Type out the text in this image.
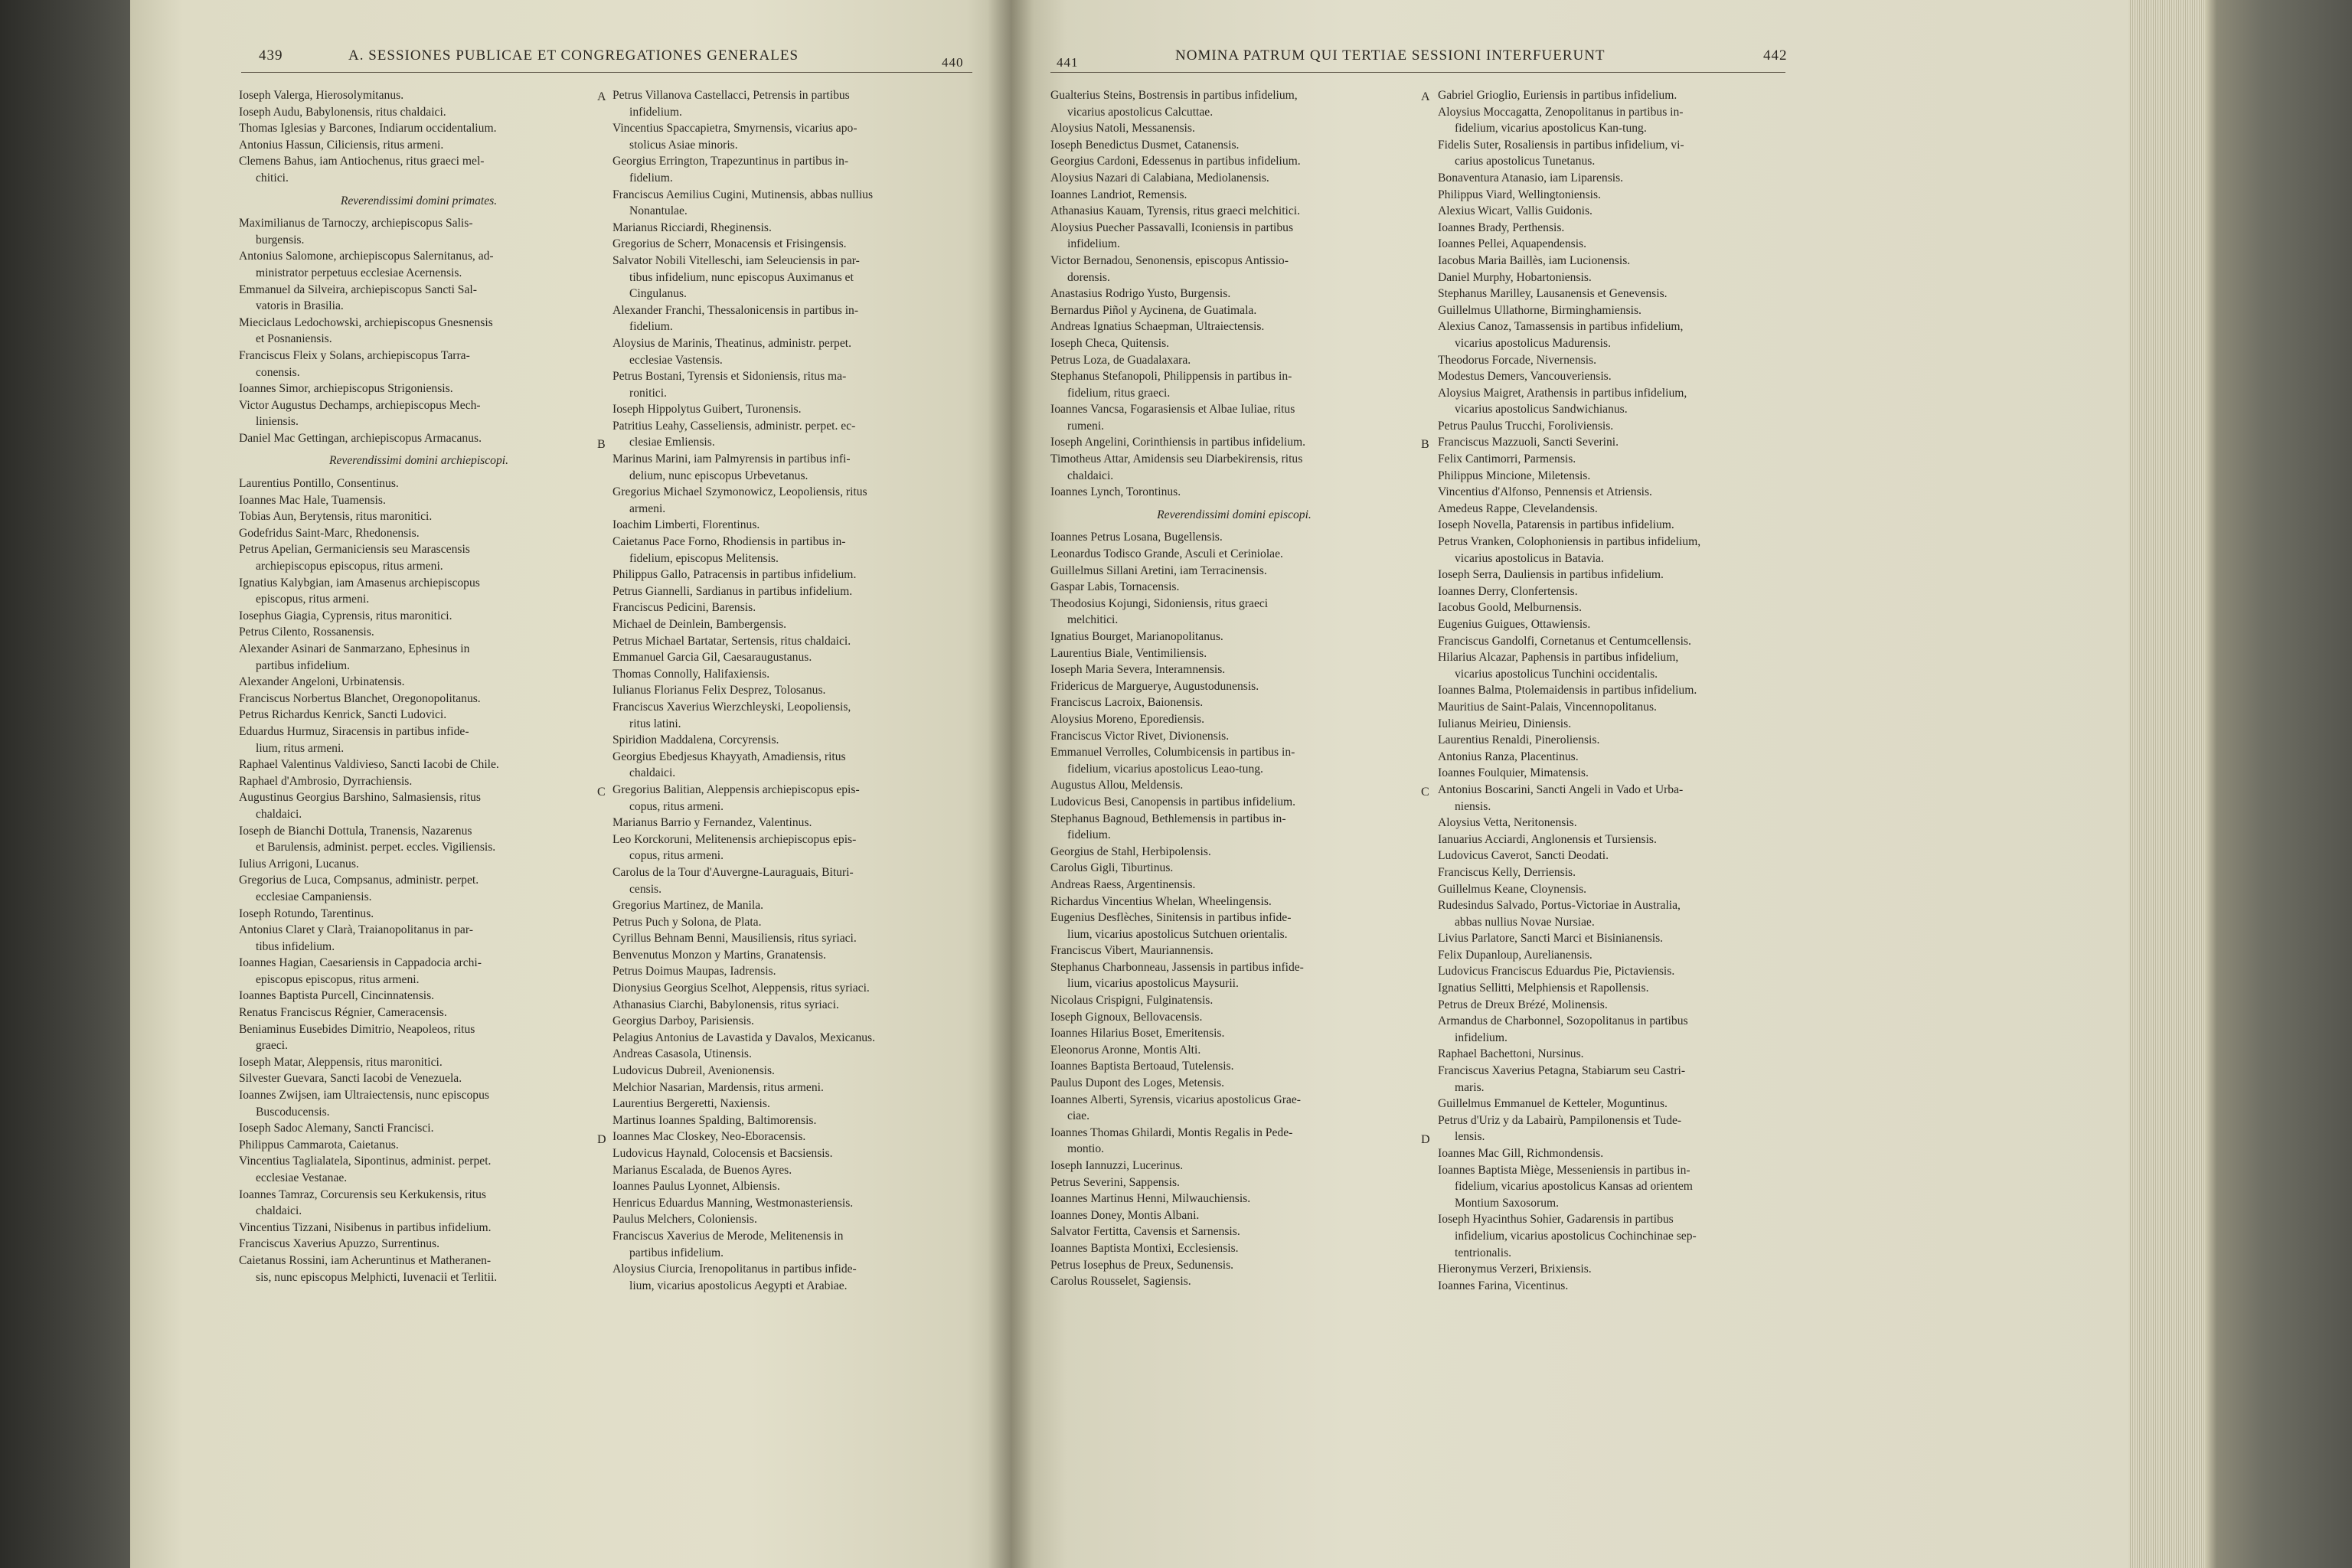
439	A. SESSIONES PUBLICAE ET CONGREGATIONES GENERALES	440	441	NOMINA PATRUM QUI TERTIAE SESSIONI INTERFUERUNT	442

Ioseph Valerga, Hierosolymitanus.

Ioseph Audu, Babylonensis, ritus chaldaici.

Thomas Iglesias y Barcones, Indiarum occidentalium.

Antonius Hassun, Ciliciensis, ritus armeni.

Clemens Bahus, iam Antiochenus, ritus graeci mel-

chitici.

Reverendissimi domini primates.

Maximilianus de Tarnoczy, archiepiscopus Salis-

burgensis.

Antonius Salomone, archiepiscopus Salernitanus, ad-

ministrator perpetuus ecclesiae Acernensis.

Emmanuel da Silveira, archiepiscopus Sancti Sal-

vatoris in Brasilia.

Mieciclaus Ledochowski, archiepiscopus Gnesnensis

et Posnaniensis.

Franciscus Fleix y Solans, archiepiscopus Tarra-

conensis.

Ioannes Simor, archiepiscopus Strigoniensis.

Victor Augustus Dechamps, archiepiscopus Mech-

liniensis.

Daniel Mac Gettingan, archiepiscopus Armacanus.

Reverendissimi domini archiepiscopi.

Laurentius Pontillo, Consentinus.

Ioannes Mac Hale, Tuamensis.

Tobias Aun, Berytensis, ritus maronitici.

Godefridus Saint-Marc, Rhedonensis.

Petrus Apelian, Germaniciensis seu Marascensis

archiepiscopus episcopus, ritus armeni.

Ignatius Kalybgian, iam Amasenus archiepiscopus

episcopus, ritus armeni.

Iosephus Giagia, Cyprensis, ritus maronitici.

Petrus Cilento, Rossanensis.

Alexander Asinari de Sanmarzano, Ephesinus in

partibus infidelium.

Alexander Angeloni, Urbinatensis.

Franciscus Norbertus Blanchet, Oregonopolitanus.

Petrus Richardus Kenrick, Sancti Ludovici.

Eduardus Hurmuz, Siracensis in partibus infide-

lium, ritus armeni.

Raphael Valentinus Valdivieso, Sancti Iacobi de Chile.

Raphael d'Ambrosio, Dyrrachiensis.

Augustinus Georgius Barshino, Salmasiensis, ritus

chaldaici.

Ioseph de Bianchi Dottula, Tranensis, Nazarenus

et Barulensis, administ. perpet. eccles. Vigiliensis.

Iulius Arrigoni, Lucanus.

Gregorius de Luca, Compsanus, administr. perpet.

ecclesiae Campaniensis.

Ioseph Rotundo, Tarentinus.

Antonius Claret y Clarà, Traianopolitanus in par-

tibus infidelium.

Ioannes Hagian, Caesariensis in Cappadocia archi-

episcopus episcopus, ritus armeni.

Ioannes Baptista Purcell, Cincinnatensis.

Renatus Franciscus Régnier, Cameracensis.

Beniaminus Eusebides Dimitrio, Neapoleos, ritus

graeci.

Ioseph Matar, Aleppensis, ritus maronitici.

Silvester Guevara, Sancti Iacobi de Venezuela.

Ioannes Zwijsen, iam Ultraiectensis, nunc episcopus

Buscoducensis.

Ioseph Sadoc Alemany, Sancti Francisci.

Philippus Cammarota, Caietanus.

Vincentius Taglialatela, Sipontinus, administ. perpet.

ecclesiae Vestanae.

Ioannes Tamraz, Corcurensis seu Kerkukensis, ritus

chaldaici.

Vincentius Tizzani, Nisibenus in partibus infidelium.

Franciscus Xaverius Apuzzo, Surrentinus.

Caietanus Rossini, iam Acheruntinus et Matheranen-

sis, nunc episcopus Melphicti, Iuvenacii et Terlitii.

Petrus Villanova Castellacci, Petrensis in partibus

infidelium.

Vincentius Spaccapietra, Smyrnensis, vicarius apo-

stolicus Asiae minoris.

Georgius Errington, Trapezuntinus in partibus in-

fidelium.

Franciscus Aemilius Cugini, Mutinensis, abbas nullius

Nonantulae.

Marianus Ricciardi, Rheginensis.

Gregorius de Scherr, Monacensis et Frisingensis.

Salvator Nobili Vitelleschi, iam Seleuciensis in par-

tibus infidelium, nunc episcopus Auximanus et

Cingulanus.

Alexander Franchi, Thessalonicensis in partibus in-

fidelium.

Aloysius de Marinis, Theatinus, administr. perpet.

ecclesiae Vastensis.

Petrus Bostani, Tyrensis et Sidoniensis, ritus ma-

ronitici.

Ioseph Hippolytus Guibert, Turonensis.

Patritius Leahy, Casseliensis, administr. perpet. ec-

clesiae Emliensis.

Marinus Marini, iam Palmyrensis in partibus infi-

delium, nunc episcopus Urbevetanus.

Gregorius Michael Szymonowicz, Leopoliensis, ritus

armeni.

Ioachim Limberti, Florentinus.

Caietanus Pace Forno, Rhodiensis in partibus in-

fidelium, episcopus Melitensis.

Philippus Gallo, Patracensis in partibus infidelium.

Petrus Giannelli, Sardianus in partibus infidelium.

Franciscus Pedicini, Barensis.

Michael de Deinlein, Bambergensis.

Petrus Michael Bartatar, Sertensis, ritus chaldaici.

Emmanuel Garcia Gil, Caesaraugustanus.

Thomas Connolly, Halifaxiensis.

Iulianus Florianus Felix Desprez, Tolosanus.

Franciscus Xaverius Wierzchleyski, Leopoliensis,

ritus latini.

Spiridion Maddalena, Corcyrensis.

Georgius Ebedjesus Khayyath, Amadiensis, ritus

chaldaici.

Gregorius Balitian, Aleppensis archiepiscopus epis-

copus, ritus armeni.

Marianus Barrio y Fernandez, Valentinus.

Leo Korckoruni, Melitenensis archiepiscopus epis-

copus, ritus armeni.

Carolus de la Tour d'Auvergne-Lauraguais, Bituri-

censis.

Gregorius Martinez, de Manila.

Petrus Puch y Solona, de Plata.

Cyrillus Behnam Benni, Mausiliensis, ritus syriaci.

Benvenutus Monzon y Martins, Granatensis.

Petrus Doimus Maupas, Iadrensis.

Dionysius Georgius Scelhot, Aleppensis, ritus syriaci.

Athanasius Ciarchi, Babylonensis, ritus syriaci.

Georgius Darboy, Parisiensis.

Pelagius Antonius de Lavastida y Davalos, Mexicanus.

Andreas Casasola, Utinensis.

Ludovicus Dubreil, Avenionensis.

Melchior Nasarian, Mardensis, ritus armeni.

Laurentius Bergeretti, Naxiensis.

Martinus Ioannes Spalding, Baltimorensis.

Ioannes Mac Closkey, Neo-Eboracensis.

Ludovicus Haynald, Colocensis et Bacsiensis.

Marianus Escalada, de Buenos Ayres.

Ioannes Paulus Lyonnet, Albiensis.

Henricus Eduardus Manning, Westmonasteriensis.

Paulus Melchers, Coloniensis.

Franciscus Xaverius de Merode, Melitenensis in

partibus infidelium.

Aloysius Ciurcia, Irenopolitanus in partibus infide-

lium, vicarius apostolicus Aegypti et Arabiae.

Gualterius Steins, Bostrensis in partibus infidelium,

vicarius apostolicus Calcuttae.

Aloysius Natoli, Messanensis.

Ioseph Benedictus Dusmet, Catanensis.

Georgius Cardoni, Edessenus in partibus infidelium.

Aloysius Nazari di Calabiana, Mediolanensis.

Ioannes Landriot, Remensis.

Athanasius Kauam, Tyrensis, ritus graeci melchitici.

Aloysius Puecher Passavalli, Iconiensis in partibus

infidelium.

Victor Bernadou, Senonensis, episcopus Antissio-

dorensis.

Anastasius Rodrigo Yusto, Burgensis.

Bernardus Piñol y Aycinena, de Guatimala.

Andreas Ignatius Schaepman, Ultraiectensis.

Ioseph Checa, Quitensis.

Petrus Loza, de Guadalaxara.

Stephanus Stefanopoli, Philippensis in partibus in-

fidelium, ritus graeci.

Ioannes Vancsa, Fogarasiensis et Albae Iuliae, ritus

rumeni.

Ioseph Angelini, Corinthiensis in partibus infidelium.

Timotheus Attar, Amidensis seu Diarbekirensis, ritus

chaldaici.

Ioannes Lynch, Torontinus.

Reverendissimi domini episcopi.

Ioannes Petrus Losana, Bugellensis.

Leonardus Todisco Grande, Asculi et Ceriniolae.

Guillelmus Sillani Aretini, iam Terracinensis.

Gaspar Labis, Tornacensis.

Theodosius Kojungi, Sidoniensis, ritus graeci

melchitici.

Ignatius Bourget, Marianopolitanus.

Laurentius Biale, Ventimiliensis.

Ioseph Maria Severa, Interamnensis.

Fridericus de Marguerye, Augustodunensis.

Franciscus Lacroix, Baionensis.

Aloysius Moreno, Eporediensis.

Franciscus Victor Rivet, Divionensis.

Emmanuel Verrolles, Columbicensis in partibus in-

fidelium, vicarius apostolicus Leao-tung.

Augustus Allou, Meldensis.

Ludovicus Besi, Canopensis in partibus infidelium.

Stephanus Bagnoud, Bethlemensis in partibus in-

fidelium.

Georgius de Stahl, Herbipolensis.

Carolus Gigli, Tiburtinus.

Andreas Raess, Argentinensis.

Richardus Vincentius Whelan, Wheelingensis.

Eugenius Desflèches, Sinitensis in partibus infide-

lium, vicarius apostolicus Sutchuen orientalis.

Franciscus Vibert, Mauriannensis.

Stephanus Charbonneau, Jassensis in partibus infide-

lium, vicarius apostolicus Maysurii.

Nicolaus Crispigni, Fulginatensis.

Ioseph Gignoux, Bellovacensis.

Ioannes Hilarius Boset, Emeritensis.

Eleonorus Aronne, Montis Alti.

Ioannes Baptista Bertoaud, Tutelensis.

Paulus Dupont des Loges, Metensis.

Ioannes Alberti, Syrensis, vicarius apostolicus Grae-

ciae.

Ioannes Thomas Ghilardi, Montis Regalis in Pede-

montio.

Ioseph Iannuzzi, Lucerinus.

Petrus Severini, Sappensis.

Ioannes Martinus Henni, Milwauchiensis.

Ioannes Doney, Montis Albani.

Salvator Fertitta, Cavensis et Sarnensis.

Ioannes Baptista Montixi, Ecclesiensis.

Petrus Iosephus de Preux, Sedunensis.

Carolus Rousselet, Sagiensis.

Gabriel Grioglio, Euriensis in partibus infidelium.

Aloysius Moccagatta, Zenopolitanus in partibus in-

fidelium, vicarius apostolicus Kan-tung.

Fidelis Suter, Rosaliensis in partibus infidelium, vi-

carius apostolicus Tunetanus.

Bonaventura Atanasio, iam Liparensis.

Philippus Viard, Wellingtoniensis.

Alexius Wicart, Vallis Guidonis.

Ioannes Brady, Perthensis.

Ioannes Pellei, Aquapendensis.

Iacobus Maria Baillès, iam Lucionensis.

Daniel Murphy, Hobartoniensis.

Stephanus Marilley, Lausanensis et Genevensis.

Guillelmus Ullathorne, Birminghamiensis.

Alexius Canoz, Tamassensis in partibus infidelium,

vicarius apostolicus Madurensis.

Theodorus Forcade, Nivernensis.

Modestus Demers, Vancouveriensis.

Aloysius Maigret, Arathensis in partibus infidelium,

vicarius apostolicus Sandwichianus.

Petrus Paulus Trucchi, Foroliviensis.

Franciscus Mazzuoli, Sancti Severini.

Felix Cantimorri, Parmensis.

Philippus Mincione, Miletensis.

Vincentius d'Alfonso, Pennensis et Atriensis.

Amedeus Rappe, Clevelandensis.

Ioseph Novella, Patarensis in partibus infidelium.

Petrus Vranken, Colophoniensis in partibus infidelium,

vicarius apostolicus in Batavia.

Ioseph Serra, Dauliensis in partibus infidelium.

Ioannes Derry, Clonfertensis.

Iacobus Goold, Melburnensis.

Eugenius Guigues, Ottawiensis.

Franciscus Gandolfi, Cornetanus et Centumcellensis.

Hilarius Alcazar, Paphensis in partibus infidelium,

vicarius apostolicus Tunchini occidentalis.

Ioannes Balma, Ptolemaidensis in partibus infidelium.

Mauritius de Saint-Palais, Vincennopolitanus.

Iulianus Meirieu, Diniensis.

Laurentius Renaldi, Pineroliensis.

Antonius Ranza, Placentinus.

Ioannes Foulquier, Mimatensis.

Antonius Boscarini, Sancti Angeli in Vado et Urba-

niensis.

Aloysius Vetta, Neritonensis.

Ianuarius Acciardi, Anglonensis et Tursiensis.

Ludovicus Caverot, Sancti Deodati.

Franciscus Kelly, Derriensis.

Guillelmus Keane, Cloynensis.

Rudesindus Salvado, Portus-Victoriae in Australia,

abbas nullius Novae Nursiae.

Livius Parlatore, Sancti Marci et Bisinianensis.

Felix Dupanloup, Aurelianensis.

Ludovicus Franciscus Eduardus Pie, Pictaviensis.

Ignatius Sellitti, Melphiensis et Rapollensis.

Petrus de Dreux Brézé, Molinensis.

Armandus de Charbonnel, Sozopolitanus in partibus

infidelium.

Raphael Bachettoni, Nursinus.

Franciscus Xaverius Petagna, Stabiarum seu Castri-

maris.

Guillelmus Emmanuel de Ketteler, Moguntinus.

Petrus d'Uriz y da Labairù, Pampilonensis et Tude-

lensis.

Ioannes Mac Gill, Richmondensis.

Ioannes Baptista Miège, Messeniensis in partibus in-

fidelium, vicarius apostolicus Kansas ad orientem

Montium Saxosorum.

Ioseph Hyacinthus Sohier, Gadarensis in partibus

infidelium, vicarius apostolicus Cochinchinae sep-

tentrionalis.

Hieronymus Verzeri, Brixiensis.

Ioannes Farina, Vicentinus.

A
B
C
D
A
B
C
D
